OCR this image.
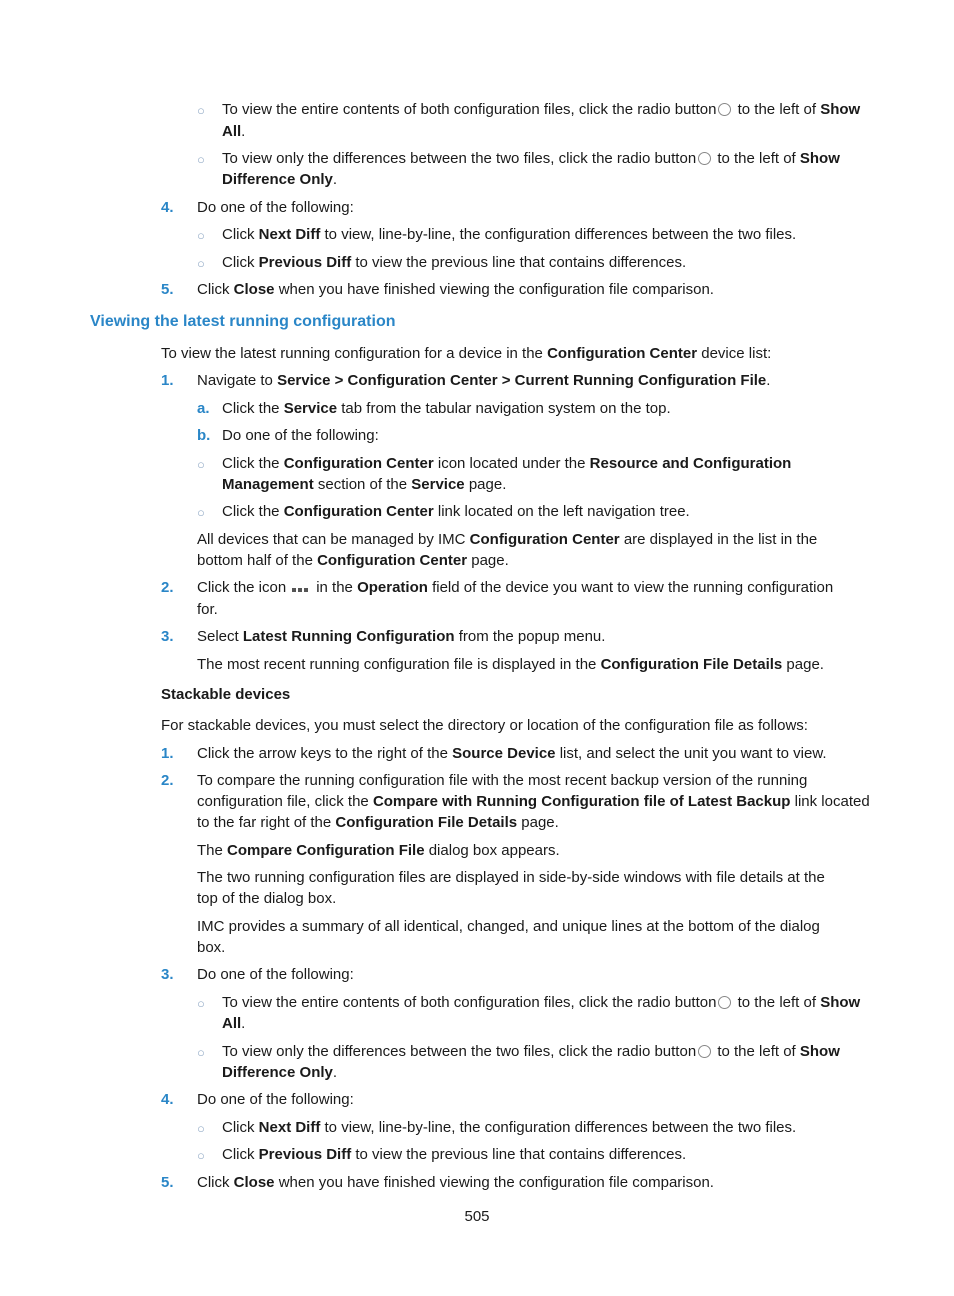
○ To view the entire contents of both configuration files, click the radio button to the left of Show
All.
○ To view only the differences between the two files, click the radio button to the left of Show
Difference Only.
4. Do one of the following:
○ Click Next Diff to view, line-by-line, the configuration differences between the two files.
○ Click Previous Diff to view the previous line that contains differences.
5. Click Close when you have finished viewing the configuration file comparison.
Viewing the latest running configuration
To view the latest running configuration for a device in the Configuration Center device list:
1. Navigate to Service > Configuration Center > Current Running Configuration File.
a. Click the Service tab from the tabular navigation system on the top.
b. Do one of the following:
○ Click the Configuration Center icon located under the Resource and Configuration
Management section of the Service page.
○ Click the Configuration Center link located on the left navigation tree.
All devices that can be managed by IMC Configuration Center are displayed in the list in the
bottom half of the Configuration Center page.
2. Click the icon in the Operation field of the device you want to view the running configuration
for.
3. Select Latest Running Configuration from the popup menu.
The most recent running configuration file is displayed in the Configuration File Details page.
Stackable devices
For stackable devices, you must select the directory or location of the configuration file as follows:
1. Click the arrow keys to the right of the Source Device list, and select the unit you want to view.
2. To compare the running configuration file with the most recent backup version of the running
configuration file, click the Compare with Running Configuration file of Latest Backup link located
to the far right of the Configuration File Details page.
The Compare Configuration File dialog box appears.
The two running configuration files are displayed in side-by-side windows with file details at the
top of the dialog box.
IMC provides a summary of all identical, changed, and unique lines at the bottom of the dialog
box.
3. Do one of the following:
○ To view the entire contents of both configuration files, click the radio button to the left of Show
All.
○ To view only the differences between the two files, click the radio button to the left of Show
Difference Only.
4. Do one of the following:
○ Click Next Diff to view, line-by-line, the configuration differences between the two files.
○ Click Previous Diff to view the previous line that contains differences.
5. Click Close when you have finished viewing the configuration file comparison.
505
